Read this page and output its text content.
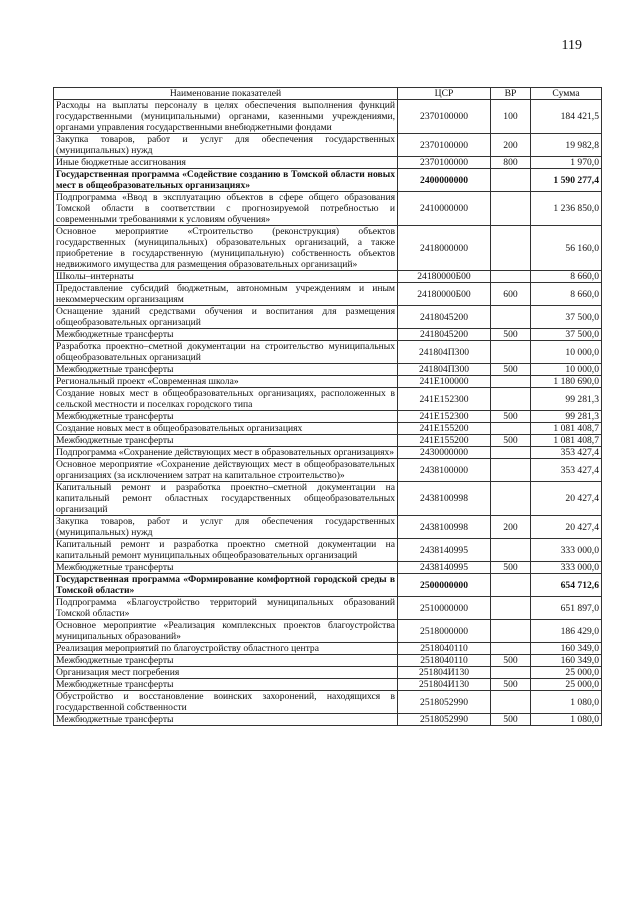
119
Наименование показателей	ЦСР	ВР	Сумма
Расходы на выплаты персоналу в целях обеспечения выполнения функций государственными (муниципальными) органами, казенными учреждениями, органами управления государственными внебюджетными фондами	2370100000	100	184 421,5
Закупка товаров, работ и услуг для обеспечения государственных (муниципальных) нужд	2370100000	200	19 982,8
Иные бюджетные ассигнования	2370100000	800	1 970,0
Государственная программа «Содействие созданию в Томской области новых мест в общеобразовательных организациях»	2400000000		1 590 277,4
Подпрограмма «Ввод в эксплуатацию объектов в сфере общего образования Томской области в соответствии с прогнозируемой потребностью и современными требованиями к условиям обучения»	2410000000		1 236 850,0
Основное мероприятие «Строительство (реконструкция) объектов государственных (муниципальных) образовательных организаций, а также приобретение в государственную (муниципальную) собственность объектов недвижимого имущества для размещения образовательных организаций»	2418000000		56 160,0
Школы–интернаты	24180000Б00		8 660,0
Предоставление субсидий бюджетным, автономным учреждениям и иным некоммерческим организациям	24180000Б00	600	8 660,0
Оснащение зданий средствами обучения и воспитания для размещения общеобразовательных организаций	2418045200		37 500,0
Межбюджетные трансферты	2418045200	500	37 500,0
Разработка проектно–сметной документации на строительство муниципальных общеобразовательных организаций	241804П300		10 000,0
Межбюджетные трансферты	241804П300	500	10 000,0
Региональный проект «Современная школа»	241E100000		1 180 690,0
Создание новых мест в общеобразовательных организациях, расположенных в сельской местности и поселках городского типа	241E152300		99 281,3
Межбюджетные трансферты	241E152300	500	99 281,3
Создание новых мест в общеобразовательных организациях	241E155200		1 081 408,7
Межбюджетные трансферты	241E155200	500	1 081 408,7
Подпрограмма «Сохранение действующих мест в образовательных организациях»	2430000000		353 427,4
Основное мероприятие «Сохранение действующих мест в общеобразовательных организациях (за исключением затрат на капитальное строительство)»	2438100000		353 427,4
Капитальный ремонт и разработка проектно–сметной документации на капитальный ремонт областных государственных общеобразовательных организаций	2438100998		20 427,4
Закупка товаров, работ и услуг для обеспечения государственных (муниципальных) нужд	2438100998	200	20 427,4
Капитальный ремонт и разработка проектно сметной документации на капитальный ремонт муниципальных общеобразовательных организаций	2438140995		333 000,0
Межбюджетные трансферты	2438140995	500	333 000,0
Государственная программа «Формирование комфортной городской среды в Томской области»	2500000000		654 712,6
Подпрограмма «Благоустройство территорий муниципальных образований Томской области»	2510000000		651 897,0
Основное мероприятие «Реализация комплексных проектов благоустройства муниципальных образований»	2518000000		186 429,0
Реализация мероприятий по благоустройству областного центра	2518040110		160 349,0
Межбюджетные трансферты	2518040110	500	160 349,0
Организация мест погребения	251804И130		25 000,0
Межбюджетные трансферты	251804И130	500	25 000,0
Обустройство и восстановление воинских захоронений, находящихся в государственной собственности	2518052990		1 080,0
Межбюджетные трансферты	2518052990	500	1 080,0
